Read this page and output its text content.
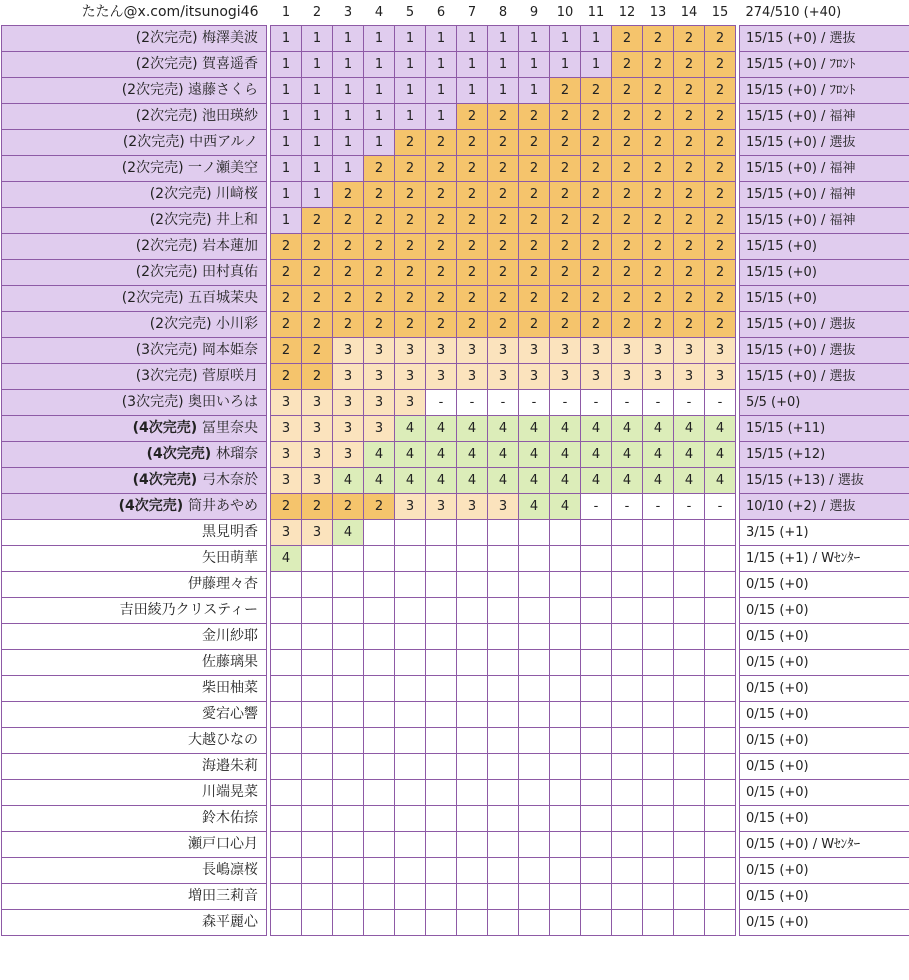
たたん@x.com/itsunogi46		1	2	3	4	5	6	7	8	9	10	11	12	13	14	15		274/510 (+40)
(2次完売) 梅澤美波		1	1	1	1	1	1	1	1	1	1	1	2	2	2	2		15/15 (+0) / 選抜
(2次完売) 賀喜遥香		1	1	1	1	1	1	1	1	1	1	1	2	2	2	2		15/15 (+0) / ﾌﾛﾝﾄ
(2次完売) 遠藤さくら		1	1	1	1	1	1	1	1	1	2	2	2	2	2	2		15/15 (+0) / ﾌﾛﾝﾄ
(2次完売) 池田瑛紗		1	1	1	1	1	1	2	2	2	2	2	2	2	2	2		15/15 (+0) / 福神
(2次完売) 中西アルノ		1	1	1	1	2	2	2	2	2	2	2	2	2	2	2		15/15 (+0) / 選抜
(2次完売) 一ノ瀬美空		1	1	1	2	2	2	2	2	2	2	2	2	2	2	2		15/15 (+0) / 福神
(2次完売) 川﨑桜		1	1	2	2	2	2	2	2	2	2	2	2	2	2	2		15/15 (+0) / 福神
(2次完売) 井上和		1	2	2	2	2	2	2	2	2	2	2	2	2	2	2		15/15 (+0) / 福神
(2次完売) 岩本蓮加		2	2	2	2	2	2	2	2	2	2	2	2	2	2	2		15/15 (+0)
(2次完売) 田村真佑		2	2	2	2	2	2	2	2	2	2	2	2	2	2	2		15/15 (+0)
(2次完売) 五百城茉央		2	2	2	2	2	2	2	2	2	2	2	2	2	2	2		15/15 (+0)
(2次完売) 小川彩		2	2	2	2	2	2	2	2	2	2	2	2	2	2	2		15/15 (+0) / 選抜
(3次完売) 岡本姫奈		2	2	3	3	3	3	3	3	3	3	3	3	3	3	3		15/15 (+0) / 選抜
(3次完売) 菅原咲月		2	2	3	3	3	3	3	3	3	3	3	3	3	3	3		15/15 (+0) / 選抜
(3次完売) 奥田いろは		3	3	3	3	3	-	-	-	-	-	-	-	-	-	-		5/5 (+0)
(4次完売) 冨里奈央		3	3	3	3	4	4	4	4	4	4	4	4	4	4	4		15/15 (+11)
(4次完売) 林瑠奈		3	3	3	4	4	4	4	4	4	4	4	4	4	4	4		15/15 (+12)
(4次完売) 弓木奈於		3	3	4	4	4	4	4	4	4	4	4	4	4	4	4		15/15 (+13) / 選抜
(4次完売) 筒井あやめ		2	2	2	2	3	3	3	3	4	4	-	-	-	-	-		10/10 (+2) / 選抜
黒見明香		3	3	4														3/15 (+1)
矢田萌華		4																1/15 (+1) / Wｾﾝﾀｰ
伊藤理々杏																		0/15 (+0)
吉田綾乃クリスティー																		0/15 (+0)
金川紗耶																		0/15 (+0)
佐藤璃果																		0/15 (+0)
柴田柚菜																		0/15 (+0)
愛宕心響																		0/15 (+0)
大越ひなの																		0/15 (+0)
海邉朱莉																		0/15 (+0)
川端晃菜																		0/15 (+0)
鈴木佑捺																		0/15 (+0)
瀬戸口心月																		0/15 (+0) / Wｾﾝﾀｰ
長嶋凛桜																		0/15 (+0)
増田三莉音																		0/15 (+0)
森平麗心																		0/15 (+0)
